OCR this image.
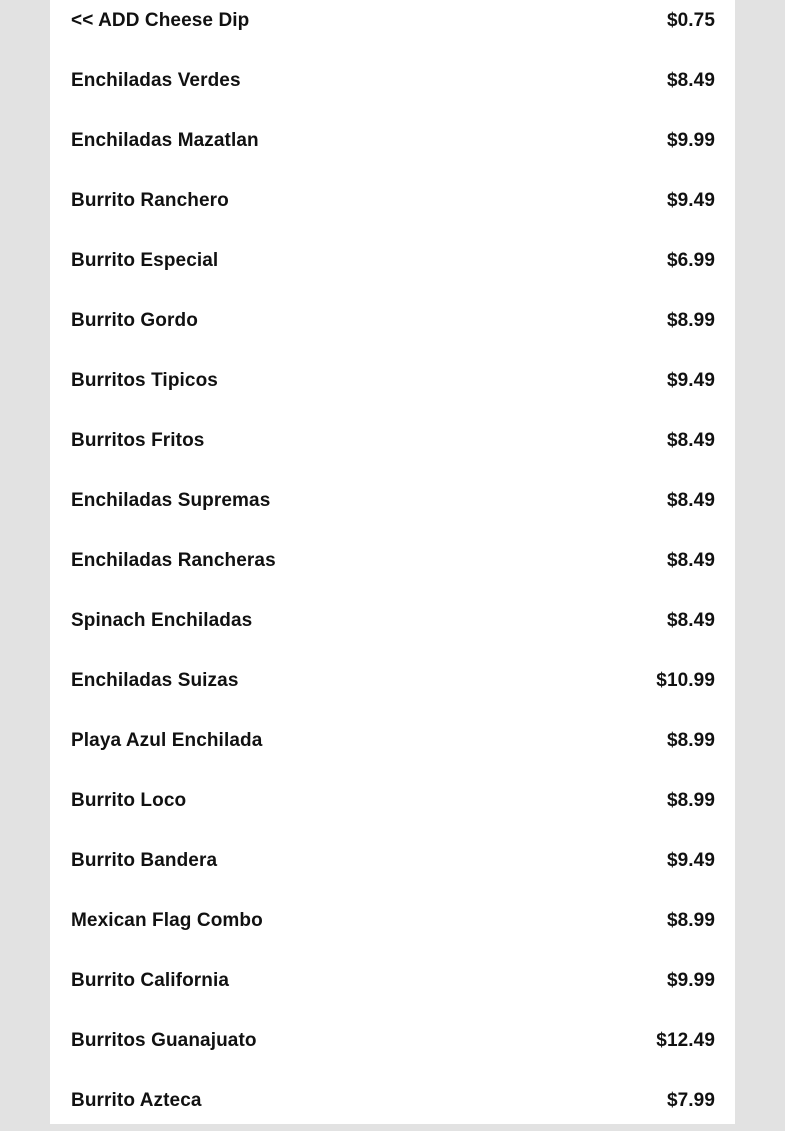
<< ADD Cheese Dip	$0.75
Enchiladas Verdes	$8.49
Enchiladas Mazatlan	$9.99
Burrito Ranchero	$9.49
Burrito Especial	$6.99
Burrito Gordo	$8.99
Burritos Tipicos	$9.49
Burritos Fritos	$8.49
Enchiladas Supremas	$8.49
Enchiladas Rancheras	$8.49
Spinach Enchiladas	$8.49
Enchiladas Suizas	$10.99
Playa Azul Enchilada	$8.99
Burrito Loco	$8.99
Burrito Bandera	$9.49
Mexican Flag Combo	$8.99
Burrito California	$9.99
Burritos Guanajuato	$12.49
Burrito Azteca	$7.99
